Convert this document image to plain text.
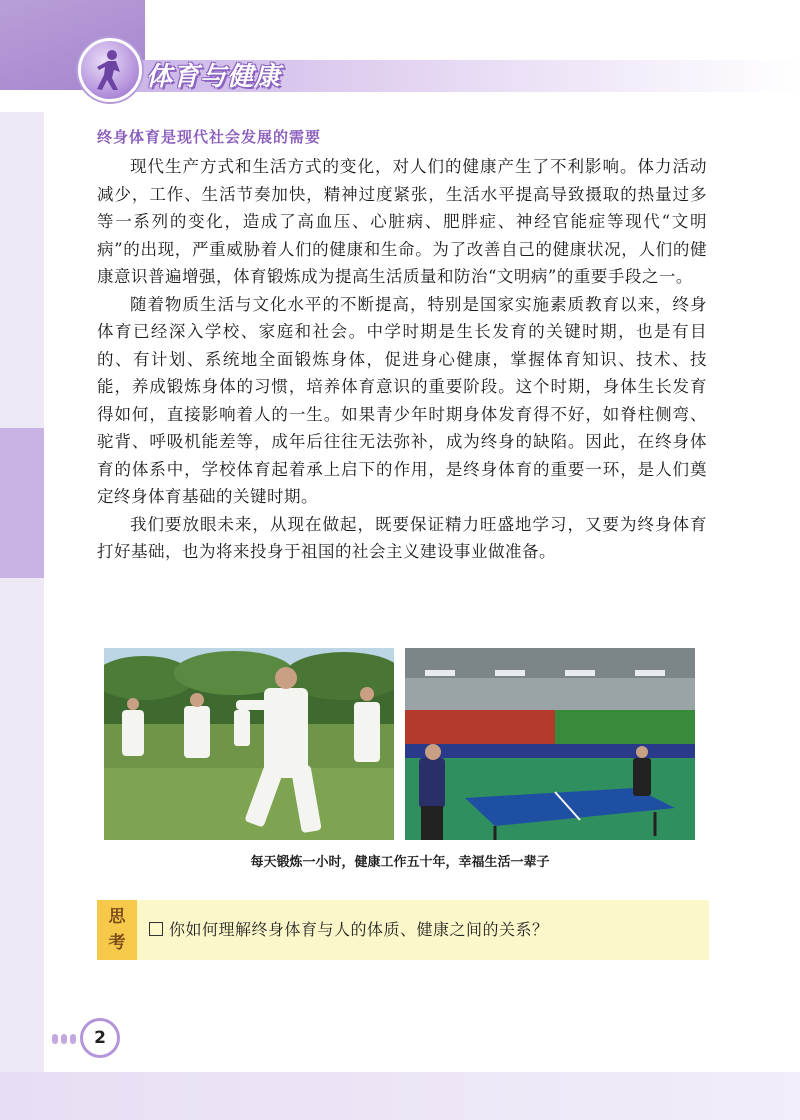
体育与健康
终身体育是现代社会发展的需要

现代生产方式和生活方式的变化，对人们的健康产生了不利影响。体力活动减少，工作、生活节奏加快，精神过度紧张，生活水平提高导致摄取的热量过多等一系列的变化，造成了高血压、心脏病、肥胖症、神经官能症等现代“文明病”的出现，严重威胁着人们的健康和生命。为了改善自己的健康状况，人们的健康意识普遍增强，体育锻炼成为提高生活质量和防治“文明病”的重要手段之一。

随着物质生活与文化水平的不断提高，特别是国家实施素质教育以来，终身体育已经深入学校、家庭和社会。中学时期是生长发育的关键时期，也是有目的、有计划、系统地全面锻炼身体，促进身心健康，掌握体育知识、技术、技能，养成锻炼身体的习惯，培养体育意识的重要阶段。这个时期，身体生长发育得如何，直接影响着人的一生。如果青少年时期身体发育得不好，如脊柱侧弯、驼背、呼吸机能差等，成年后往往无法弥补，成为终身的缺陷。因此，在终身体育的体系中，学校体育起着承上启下的作用，是终身体育的重要一环，是人们奠定终身体育基础的关键时期。

我们要放眼未来，从现在做起，既要保证精力旺盛地学习，又要为终身体育打好基础，也为将来投身于祖国的社会主义建设事业做准备。

每天锻炼一小时，健康工作五十年，幸福生活一辈子
思
考
你如何理解终身体育与人的体质、健康之间的关系？
2
